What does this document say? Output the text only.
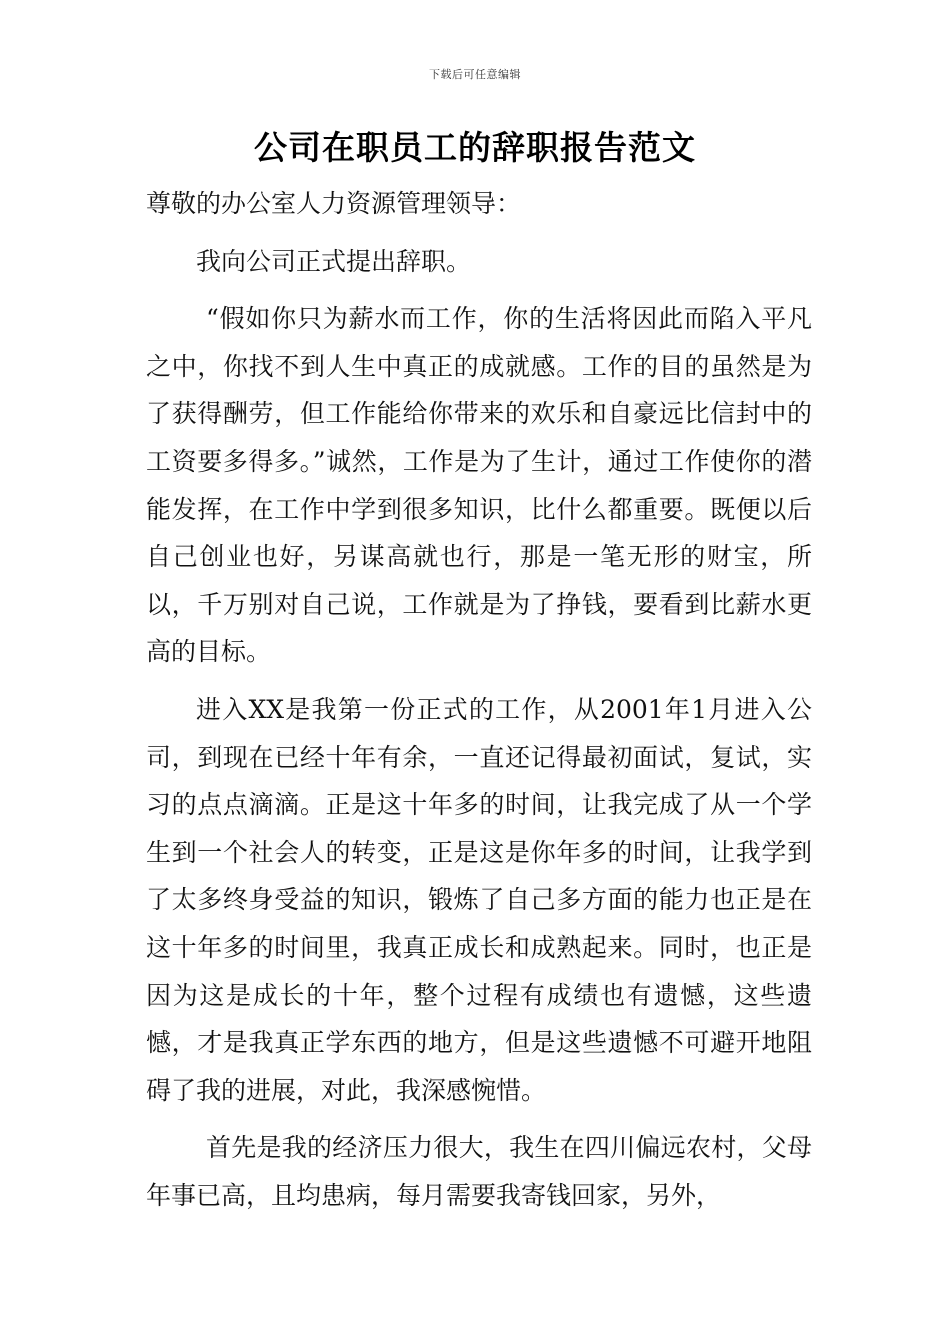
下载后可任意编辑
公司在职员工的辞职报告范文

尊敬的办公室人力资源管理领导：

我向公司正式提出辞职。

“假如你只为薪水而工作，你的生活将因此而陷入平凡之中，你找不到人生中真正的成就感。工作的目的虽然是为了获得酬劳，但工作能给你带来的欢乐和自豪远比信封中的工资要多得多。”诚然，工作是为了生计，通过工作使你的潜能发挥，在工作中学到很多知识，比什么都重要。既便以后自己创业也好，另谋高就也行，那是一笔无形的财宝，所以，千万别对自己说，工作就是为了挣钱，要看到比薪水更高的目标。

进入XX是我第一份正式的工作，从2001年1月进入公司，到现在已经十年有余，一直还记得最初面试，复试，实习的点点滴滴。正是这十年多的时间，让我完成了从一个学生到一个社会人的转变，正是这是你年多的时间，让我学到了太多终身受益的知识，锻炼了自己多方面的能力也正是在这十年多的时间里，我真正成长和成熟起来。同时，也正是因为这是成长的十年，整个过程有成绩也有遗憾，这些遗憾，才是我真正学东西的地方，但是这些遗憾不可避开地阻碍了我的进展，对此，我深感惋惜。

首先是我的经济压力很大，我生在四川偏远农村，父母年事已高，且均患病，每月需要我寄钱回家，另外，
